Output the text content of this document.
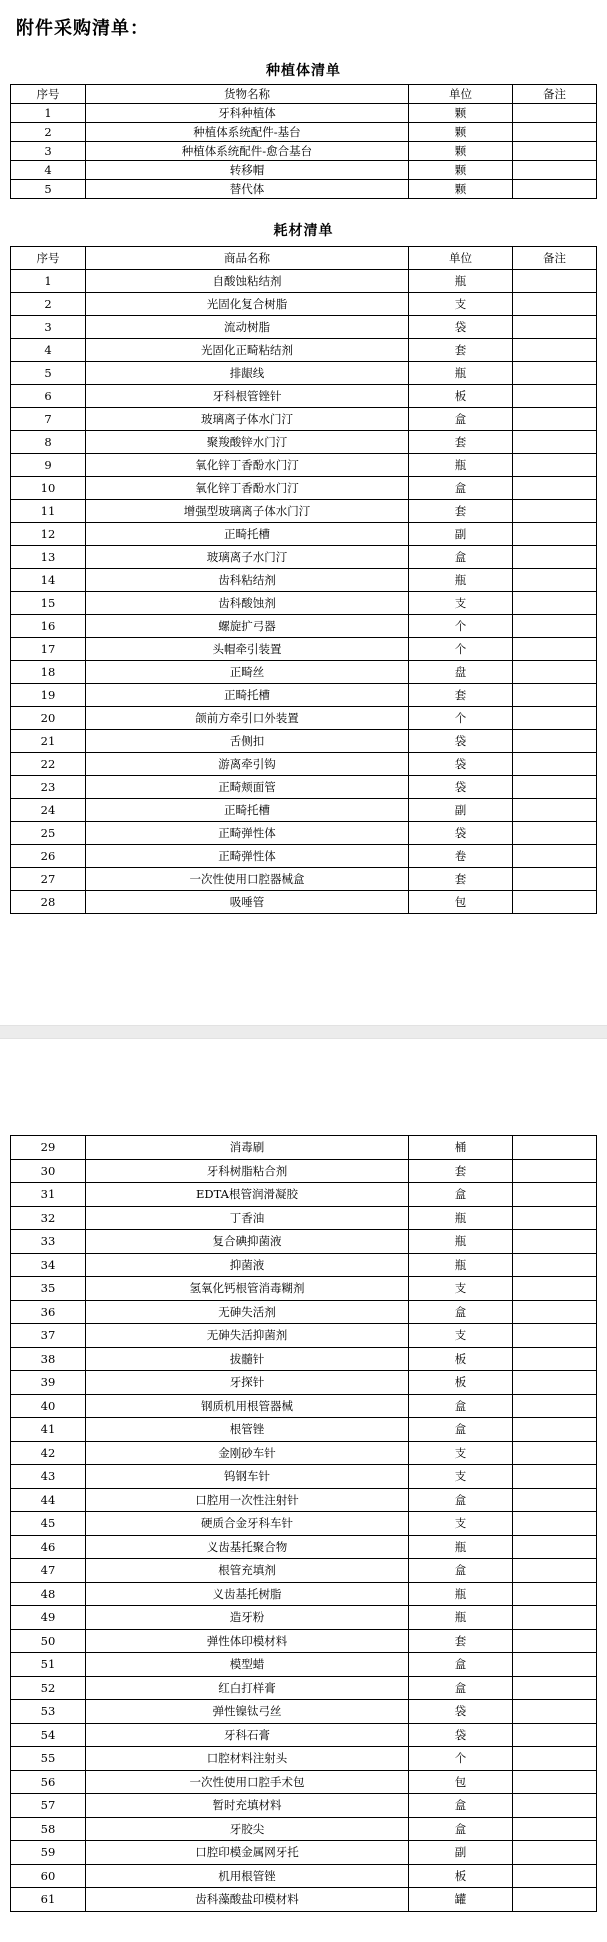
附件采购清单：
种植体清单
序号	货物名称	单位	备注
1	牙科种植体	颗	
2	种植体系统配件-基台	颗	
3	种植体系统配件-愈合基台	颗	
4	转移帽	颗	
5	替代体	颗	
耗材清单
序号	商品名称	单位	备注
1	自酸蚀粘结剂	瓶	
2	光固化复合树脂	支	
3	流动树脂	袋	
4	光固化正畸粘结剂	套	
5	排龈线	瓶	
6	牙科根管锉针	板	
7	玻璃离子体水门汀	盒	
8	聚羧酸锌水门汀	套	
9	氧化锌丁香酚水门汀	瓶	
10	氧化锌丁香酚水门汀	盒	
11	增强型玻璃离子体水门汀	套	
12	正畸托槽	副	
13	玻璃离子水门汀	盒	
14	齿科粘结剂	瓶	
15	齿科酸蚀剂	支	
16	螺旋扩弓器	个	
17	头帽牵引装置	个	
18	正畸丝	盘	
19	正畸托槽	套	
20	颌前方牵引口外装置	个	
21	舌侧扣	袋	
22	游离牵引钩	袋	
23	正畸颊面管	袋	
24	正畸托槽	副	
25	正畸弹性体	袋	
26	正畸弹性体	卷	
27	一次性使用口腔器械盒	套	
28	吸唾管	包	
29	消毒刷	桶	
30	牙科树脂粘合剂	套	
31	EDTA根管润滑凝胶	盒	
32	丁香油	瓶	
33	复合碘抑菌液	瓶	
34	抑菌液	瓶	
35	氢氧化钙根管消毒糊剂	支	
36	无砷失活剂	盒	
37	无砷失活抑菌剂	支	
38	拔髓针	板	
39	牙探针	板	
40	钢质机用根管器械	盒	
41	根管锉	盒	
42	金刚砂车针	支	
43	钨钢车针	支	
44	口腔用一次性注射针	盒	
45	硬质合金牙科车针	支	
46	义齿基托聚合物	瓶	
47	根管充填剂	盒	
48	义齿基托树脂	瓶	
49	造牙粉	瓶	
50	弹性体印模材料	套	
51	模型蜡	盒	
52	红白打样膏	盒	
53	弹性镍钛弓丝	袋	
54	牙科石膏	袋	
55	口腔材料注射头	个	
56	一次性使用口腔手术包	包	
57	暂时充填材料	盒	
58	牙胶尖	盒	
59	口腔印模金属网牙托	副	
60	机用根管锉	板	
61	齿科藻酸盐印模材料	罐	
